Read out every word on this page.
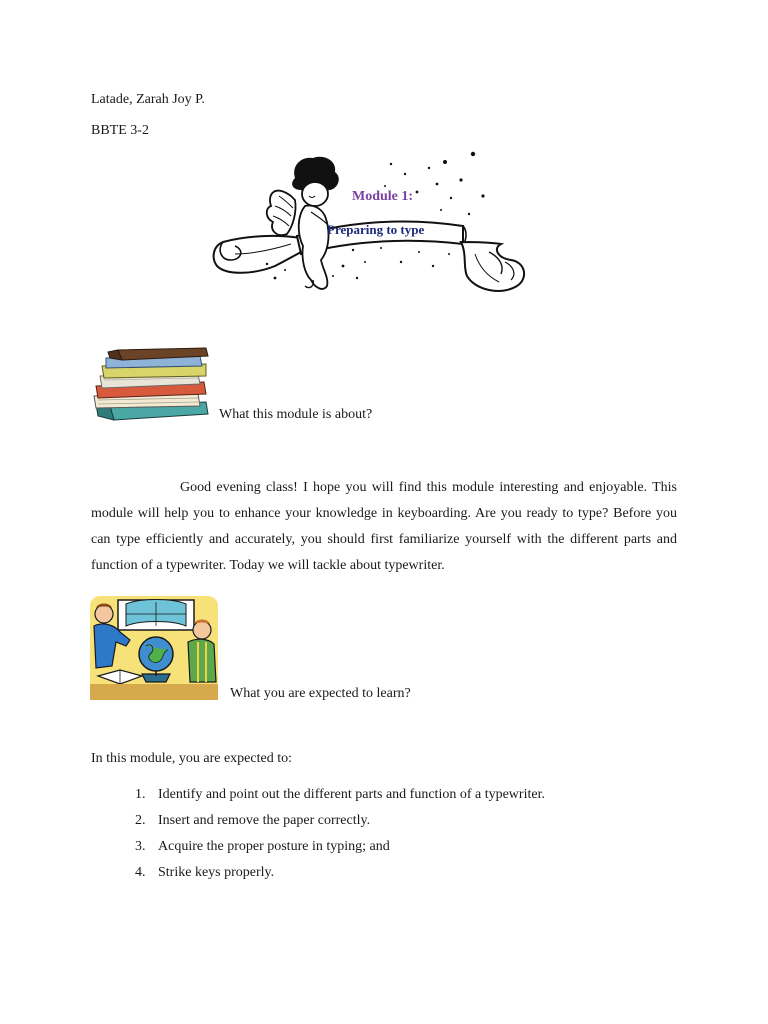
Latade, Zarah Joy P.
BBTE 3-2
Module 1:
Preparing to type
What this module is about?

Good evening class! I hope you will find this module interesting and enjoyable. This module will help you to enhance your knowledge in keyboarding. Are you ready to type? Before you can type efficiently and accurately, you should first familiarize yourself with the different parts and function of a typewriter. Today we will tackle about typewriter.

What you are expected to learn?
In this module, you are expected to:
1. Identify and point out the different parts and function of a typewriter.
2. Insert and remove the paper correctly.
3. Acquire the proper posture in typing; and
4. Strike keys properly.
